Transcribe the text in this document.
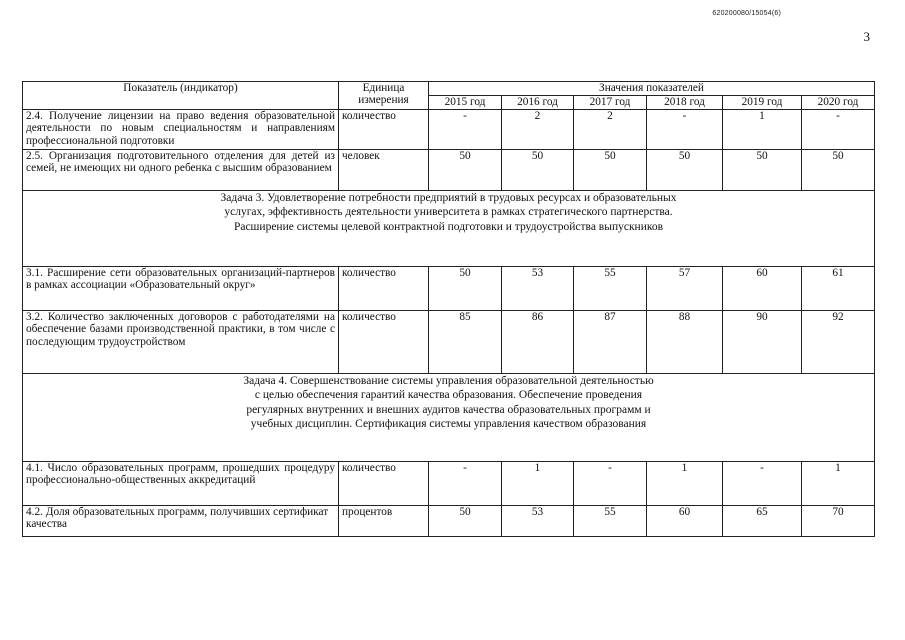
620200080/15054(6)
3
Показатель (индикатор)	Единица измерения	Значения показателей					
		2015 год	2016 год	2017 год	2018 год	2019 год	2020 год
2.4. Получение лицензии на право ведения образовательной деятельности по новым специальностям и направлениям профессиональной подготовки	количество	-	2	2	-	1	-
2.5. Организация подготовительного отделения для детей из семей, не имеющих ни одного ребенка с высшим образованием	человек	50	50	50	50	50	50

Задача 3. Удовлетворение потребности предприятий в трудовых ресурсах и образовательных
услугах, эффективность деятельности университета в рамках стратегического партнерства.
Расширение системы целевой контрактной подготовки и трудоустройства выпускников							

3.1. Расширение сети образовательных организаций-партнеров в рамках ассоциации «Образовательный округ»	количество	50	53	55	57	60	61
3.2. Количество заключенных договоров с работодателями на обеспечение базами производственной практики, в том числе с последующим трудоустройством	количество	85	86	87	88	90	92

Задача 4. Совершенствование системы управления образовательной деятельностью
с целью обеспечения гарантий качества образования. Обеспечение проведения
регулярных внутренних и внешних аудитов качества образовательных программ и
учебных дисциплин. Сертификация системы управления качеством образования							

4.1. Число образовательных программ, прошедших процедуру профессионально-общественных аккредитаций	количество	-	1	-	1	-	1
4.2. Доля образовательных программ, получивших сертификат качества	процентов	50	53	55	60	65	70
